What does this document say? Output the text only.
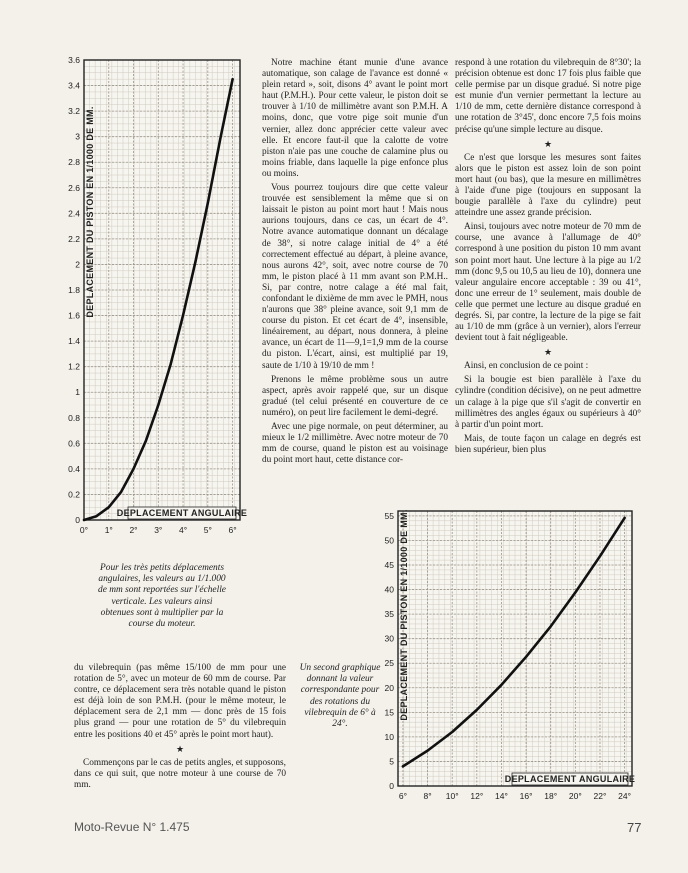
0
0.2
0.4
0.6
0.8
1
1.2
1.4
1.6
1.8
2
2.2
2.4
2.6
2.8
3
3.2
3.4
3.6
0° 1° 2° 3° 4° 5° 6°
DEPLACEMENT DU PISTON EN 1/1000 DE MM.
DEPLACEMENT ANGULAIRE
0
5
10
15
20
25
30
35
40
45
50
55
6° 8° 10° 12° 14° 16° 18° 20° 22° 24°
DEPLACEMENT DU PISTON EN 1/1000 DE MM.
DEPLACEMENT ANGULAIRE
Pour les très petits déplacements angulaires, les valeurs au 1/1.000 de mm sont reportées sur l'échelle verticale. Les valeurs ainsi obtenues sont à multiplier par la course du moteur.
Un second graphique donnant la valeur correspondante pour des rotations du vilebrequin de 6° à 24°.

du vilebrequin (pas même 15/100 de mm pour une rotation de 5°, avec un moteur de 60 mm de course. Par contre, ce déplacement sera très notable quand le piston est déjà loin de son P.M.H. (pour le même moteur, le déplacement sera de 2,1 mm — donc près de 15 fois plus grand — pour une rotation de 5° du vilebrequin entre les positions 40 et 45° après le point mort haut).

★

Commençons par le cas de petits angles, et supposons, dans ce qui suit, que notre moteur à une course de 70 mm.

Notre machine étant munie d'une avance automatique, son calage de l'avance est donné « plein retard », soit, disons 4° avant le point mort haut (P.M.H.). Pour cette valeur, le piston doit se trouver à 1/10 de millimètre avant son P.M.H. A moins, donc, que votre pige soit munie d'un vernier, allez donc apprécier cette valeur avec elle. Et encore faut-il que la calotte de votre piston n'aie pas une couche de calamine plus ou moins friable, dans laquelle la pige enfonce plus ou moins.

Vous pourrez toujours dire que cette valeur trouvée est sensiblement la même que si on laissait le piston au point mort haut ! Mais nous aurions toujours, dans ce cas, un écart de 4°. Notre avance automatique donnant un décalage de 38°, si notre calage initial de 4° a été correctement effectué au départ, à pleine avance, nous aurons 42°, soit, avec notre course de 70 mm, le piston placé à 11 mm avant son P.M.H.. Si, par contre, notre calage a été mal fait, confondant le dixième de mm avec le PMH, nous n'aurons que 38° pleine avance, soit 9,1 mm de course du piston. Et cet écart de 4°, insensible, linéairement, au départ, nous donnera, à pleine avance, un écart de 11—9,1=1,9 mm de la course du piston. L'écart, ainsi, est multiplié par 19, saute de 1/10 à 19/10 de mm !

Prenons le même problème sous un autre aspect, après avoir rappelé que, sur un disque gradué (tel celui présenté en couverture de ce numéro), on peut lire facilement le demi-degré.

Avec une pige normale, on peut déterminer, au mieux le 1/2 millimètre. Avec notre moteur de 70 mm de course, quand le piston est au voisinage du point mort haut, cette distance cor-

respond à une rotation du vilebrequin de 8°30'; la précision obtenue est donc 17 fois plus faible que celle permise par un disque gradué. Si notre pige est munie d'un vernier permettant la lecture au 1/10 de mm, cette dernière distance correspond à une rotation de 3°45', donc encore 7,5 fois moins précise qu'une simple lecture au disque.

★

Ce n'est que lorsque les mesures sont faites alors que le piston est assez loin de son point mort haut (ou bas), que la mesure en millimètres à l'aide d'une pige (toujours en supposant la bougie parallèle à l'axe du cylindre) peut atteindre une assez grande précision.

Ainsi, toujours avec notre moteur de 70 mm de course, une avance à l'allumage de 40° correspond à une position du piston 10 mm avant son point mort haut. Une lecture à la pige au 1/2 mm (donc 9,5 ou 10,5 au lieu de 10), donnera une valeur angulaire encore acceptable : 39 ou 41°, donc une erreur de 1° seulement, mais double de celle que permet une lecture au disque gradué en degrés. Si, par contre, la lecture de la pige se fait au 1/10 de mm (grâce à un vernier), alors l'erreur devient tout à fait négligeable.

★

Ainsi, en conclusion de ce point :

Si la bougie est bien parallèle à l'axe du cylindre (condition décisive), on ne peut admettre un calage à la pige que s'il s'agit de convertir en millimètres des angles égaux ou supérieurs à 40° à partir d'un point mort.

Mais, de toute façon un calage en degrés est bien supérieur, bien plus

Moto-Revue N° 1.475	77
